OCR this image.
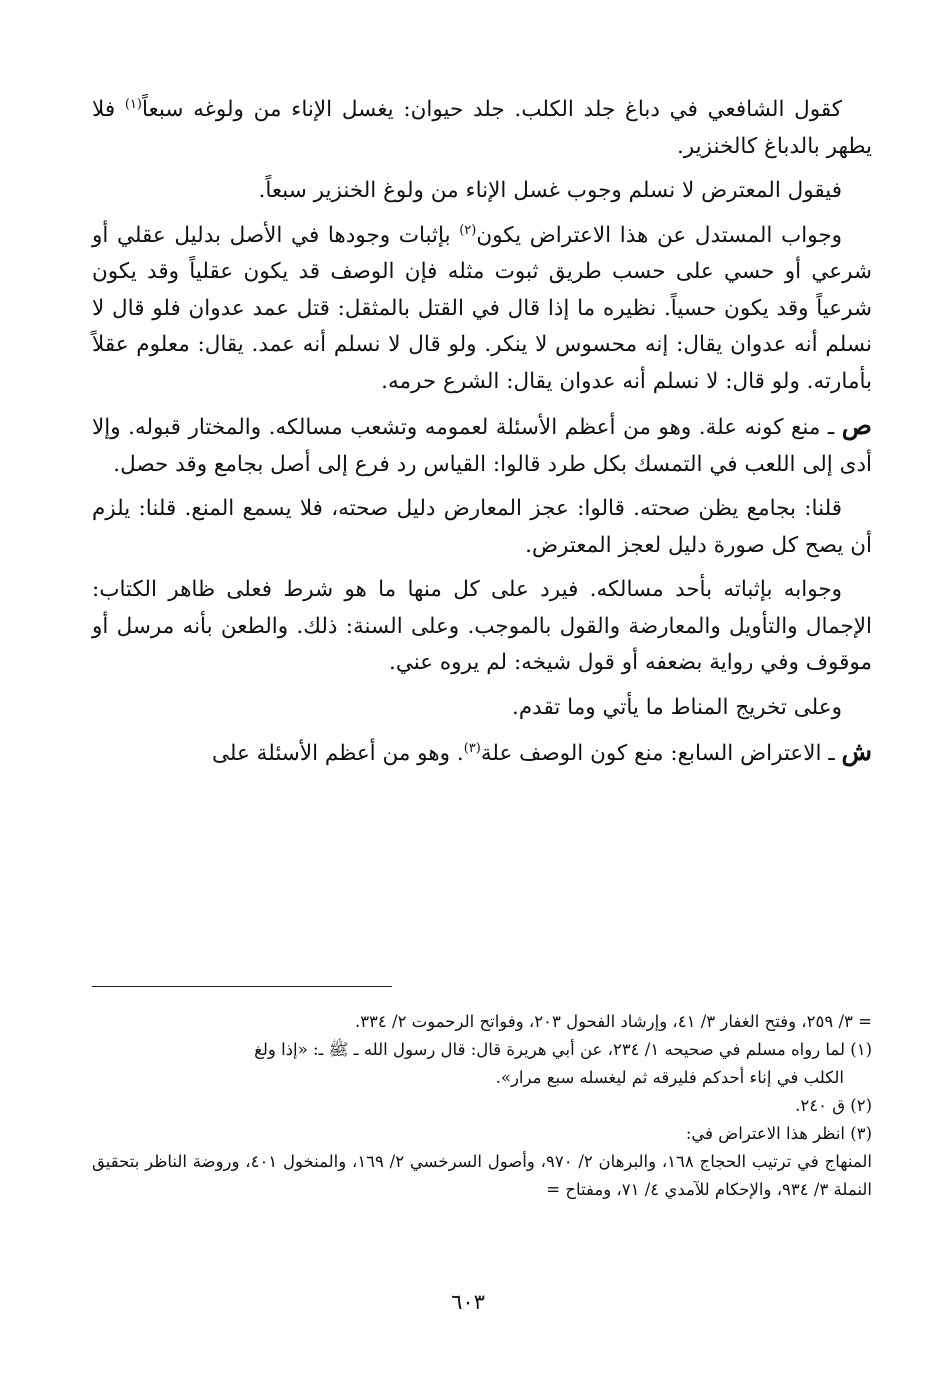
كقول الشافعي في دباغ جلد الكلب. جلد حيوان: يغسل الإناء من ولوغه سبعاً$^{(١)}$ فلا يطهر بالدباغ كالخنزير.

فيقول المعترض لا نسلم وجوب غسل الإناء من ولوغ الخنزير سبعاً.

وجواب المستدل عن هذا الاعتراض يكون$^{(٢)}$ بإثبات وجودها في الأصل بدليل عقلي أو شرعي أو حسي على حسب طريق ثبوت مثله فإن الوصف قد يكون عقلياً وقد يكون شرعياً وقد يكون حسياً. نظيره ما إذا قال في القتل بالمثقل: قتل عمد عدوان فلو قال لا نسلم أنه عدوان يقال: إنه محسوس لا ينكر. ولو قال لا نسلم أنه عمد. يقال: معلوم عقلاً بأمارته. ولو قال: لا نسلم أنه عدوان يقال: الشرع حرمه.

ص ـ منع كونه علة. وهو من أعظم الأسئلة لعمومه وتشعب مسالكه. والمختار قبوله. وإلا أدى إلى اللعب في التمسك بكل طرد قالوا: القياس رد فرع إلى أصل بجامع وقد حصل.

قلنا: بجامع يظن صحته. قالوا: عجز المعارض دليل صحته، فلا يسمع المنع. قلنا: يلزم أن يصح كل صورة دليل لعجز المعترض.

وجوابه بإثباته بأحد مسالكه. فيرد على كل منها ما هو شرط فعلى ظاهر الكتاب: الإجمال والتأويل والمعارضة والقول بالموجب. وعلى السنة: ذلك. والطعن بأنه مرسل أو موقوف وفي رواية بضعفه أو قول شيخه: لم يروه عني.

وعلى تخريج المناط ما يأتي وما تقدم.

ش ـ الاعتراض السابع: منع كون الوصف علة$^{(٣)}$. وهو من أعظم الأسئلة على

= ٣/ ٢٥٩، وفتح الغفار ٣/ ٤١، وإرشاد الفحول ٢٠٣، وفواتح الرحموت ٢/ ٣٣٤.

(١) لما رواه مسلم في صحيحه ١/ ٢٣٤، عن أبي هريرة قال: قال رسول الله ـ ﷺ ـ: «إذا ولغ

الكلب في إناء أحدكم فليرقه ثم ليغسله سبع مرار».

(٢) ق ٢٤٠.

(٣) انظر هذا الاعتراض في:

المنهاج في ترتيب الحجاج ١٦٨، والبرهان ٢/ ٩٧٠، وأصول السرخسي ٢/ ١٦٩، والمنخول ٤٠١، وروضة الناظر بتحقيق النملة ٣/ ٩٣٤، والإحكام للآمدي ٤/ ٧١، ومفتاح =

٦٠٣
